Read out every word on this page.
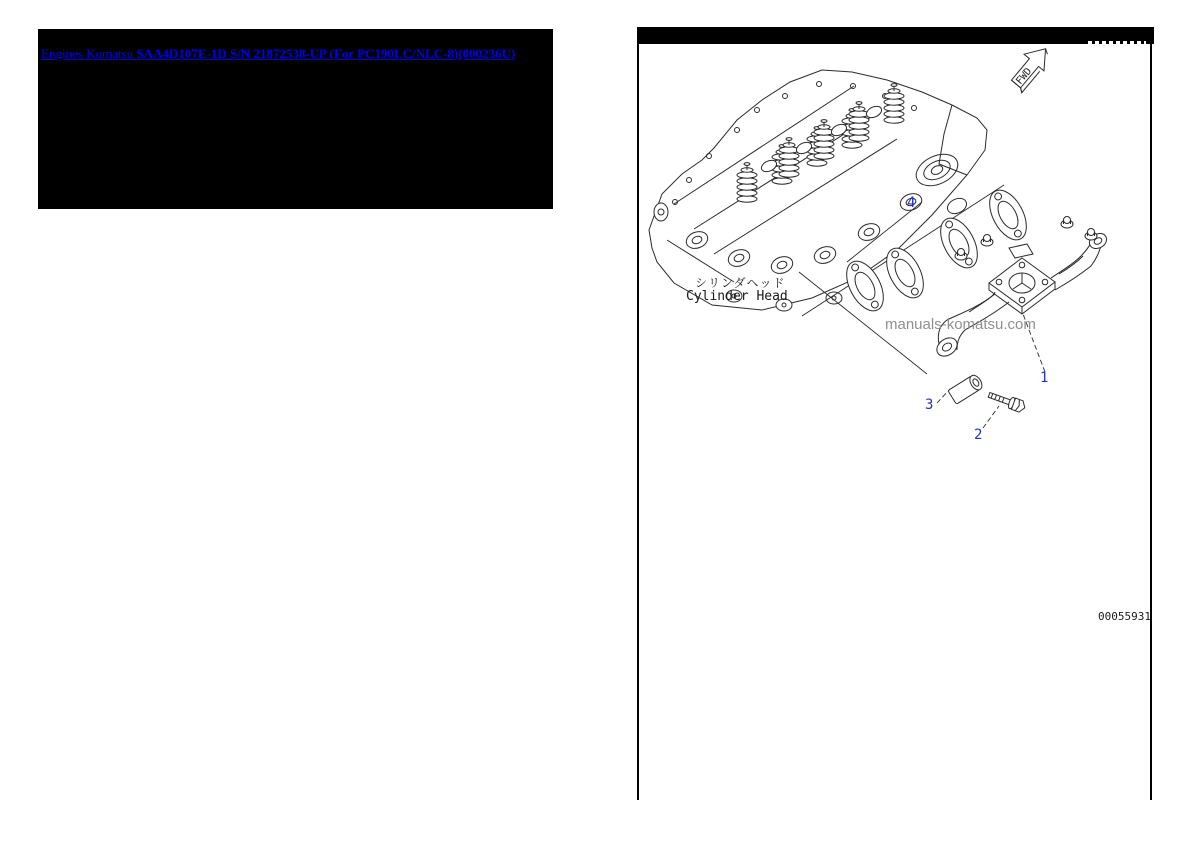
Engines Komatsu SAA4D107E-1D S/N 21872538-UP (For PC190LC/NLC-8)(000236U)
FWD
1
2
3
4
シリンダヘッド
Cylinder Head
manuals-komatsu.com
00055931
